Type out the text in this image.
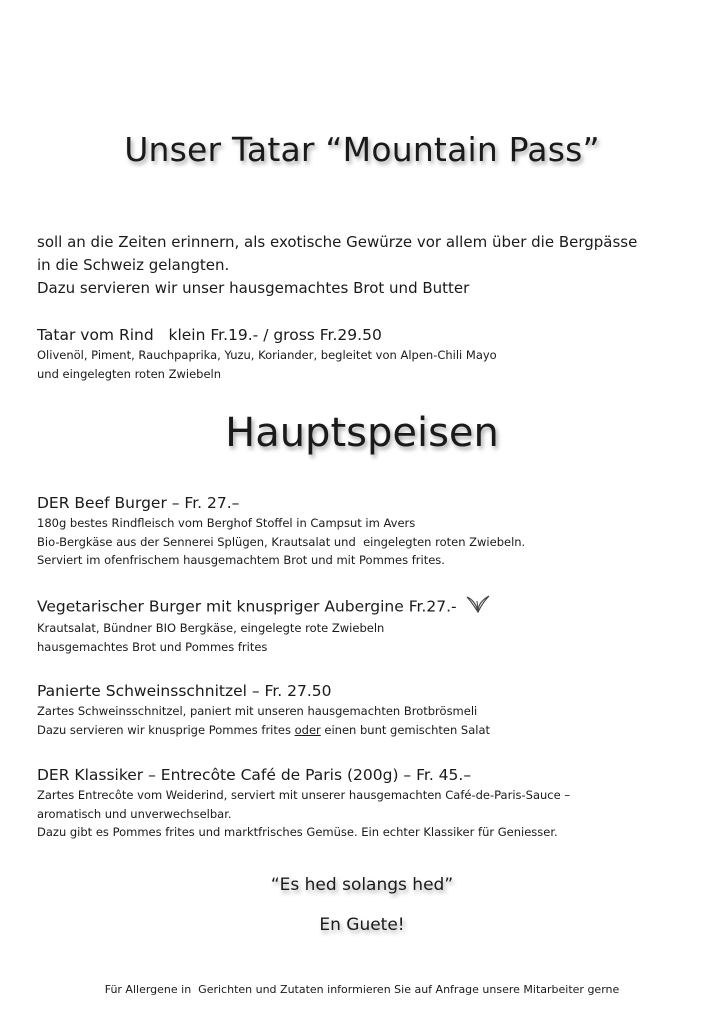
Unser Tatar “Mountain Pass”

soll an die Zeiten erinnern, als exotische Gewürze vor allem über die Bergpässe

in die Schweiz gelangten.

Dazu servieren wir unser hausgemachtes Brot und Butter

Tatar vom Rind   klein Fr.19.- / gross Fr.29.50

Olivenöl, Piment, Rauchpaprika, Yuzu, Koriander, begleitet von Alpen-Chili Mayo

und eingelegten roten Zwiebeln

Hauptspeisen

DER Beef Burger – Fr. 27.–

180g bestes Rindfleisch vom Berghof Stoffel in Campsut im Avers

Bio-Bergkäse aus der Sennerei Splügen, Krautsalat und  eingelegten roten Zwiebeln.

Serviert im ofenfrischem hausgemachtem Brot und mit Pommes frites.

Vegetarischer Burger mit knuspriger Aubergine Fr.27.-

Krautsalat, Bündner BIO Bergkäse, eingelegte rote Zwiebeln

hausgemachtes Brot und Pommes frites

Panierte Schweinsschnitzel – Fr. 27.50

Zartes Schweinsschnitzel, paniert mit unseren hausgemachten Brotbrösmeli

Dazu servieren wir knusprige Pommes frites oder einen bunt gemischten Salat

DER Klassiker – Entrecôte Café de Paris (200g) – Fr. 45.–

Zartes Entrecôte vom Weiderind, serviert mit unserer hausgemachten Café-de-Paris-Sauce –

aromatisch und unverwechselbar.

Dazu gibt es Pommes frites und marktfrisches Gemüse. Ein echter Klassiker für Geniesser.

“Es hed solangs hed”
En Guete!
Für Allergene in  Gerichten und Zutaten informieren Sie auf Anfrage unsere Mitarbeiter gerne
